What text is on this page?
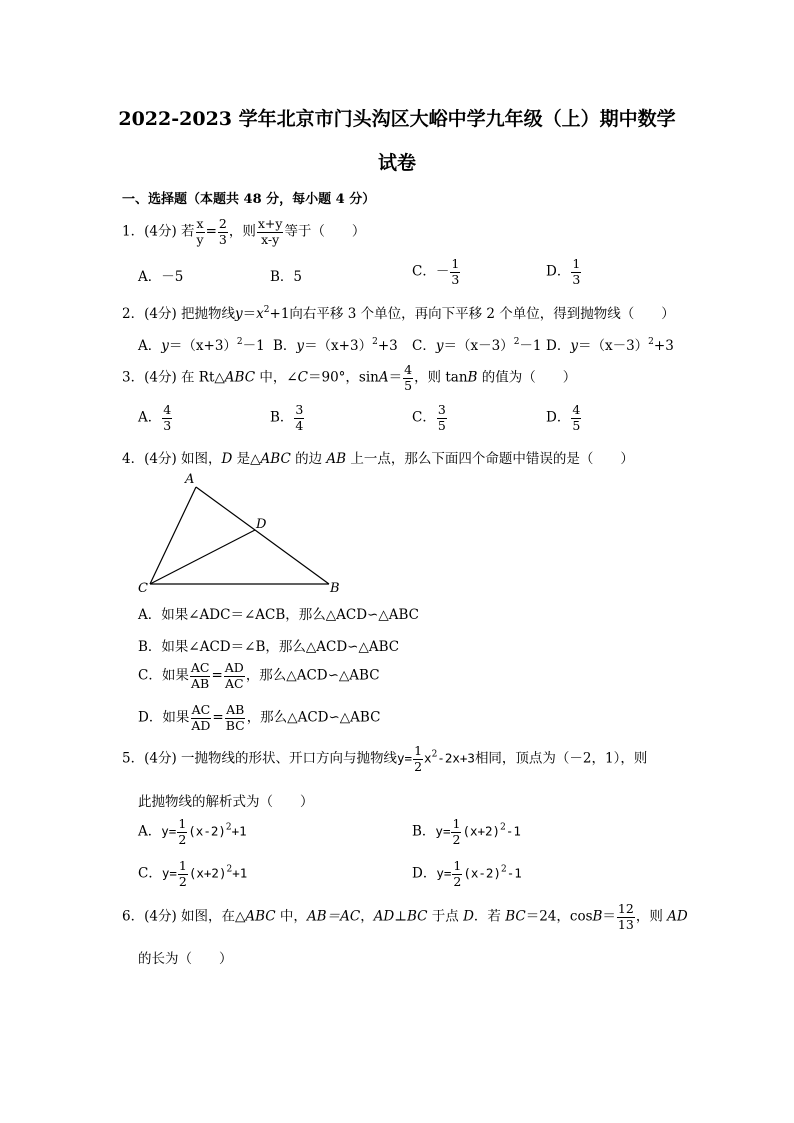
2022-2023 学年北京市门头沟区大峪中学九年级（上）期中数学
试卷
一、选择题（本题共 48 分，每小题 4 分）
1．(4分) 若 $\frac{x}{y} = \frac{2}{3}$ ，则 $\frac{x+y}{x-y}$ 等于（　　）
A．－5	B．5	C．－ $\frac{1}{3}$	D． $\frac{1}{3}$
2．(4分) 把抛物线$y=x^2+1$向右平移 3 个单位，再向下平移 2 个单位，得到抛物线（　　）
A．$y=(x+3)^2-1$ B．$y=(x+3)^2+3$ C．$y=(x-3)^2-1$ D．$y=(x-3)^2+3$
3．(4分) 在 Rt△ABC 中，∠C＝90°，$\sin A= \frac{4}{5}$ ，则 tanB 的值为（　　）
A． $\frac{4}{3}$	B． $\frac{3}{4}$	C． $\frac{3}{5}$	D． $\frac{4}{5}$
4．(4分) 如图，D 是△ABC 的边 AB 上一点，那么下面四个命题中错误的是（　　）
A
C	B
D
A．如果∠ADC＝∠ACB，那么△ACD∽△ABC
B．如果∠ACD＝∠B，那么△ACD∽△ABC
C．如果 $\frac{AC}{AB} = \frac{AD}{AC}$ ，那么△ACD∽△ABC
D．如果 $\frac{AC}{AD} = \frac{AB}{BC}$ ，那么△ACD∽△ABC
5．(4分) 一抛物线的形状、开口方向与抛物线$y= \frac{1}{2} x^2-2x+3$相同，顶点为（－2，1），则
此抛物线的解析式为（　　）
A．$y= \frac{1}{2} (x-2)^2+1$	B．$y= \frac{1}{2} (x+2)^2-1$
C．$y= \frac{1}{2} (x+2)^2+1$	D．$y= \frac{1}{2} (x-2)^2-1$
6．(4分) 如图，在△ABC 中，AB＝AC，AD⊥BC 于点 D．若 BC＝24，$\cos B= \frac{12}{13}$ ，则 AD
的长为（　　）
